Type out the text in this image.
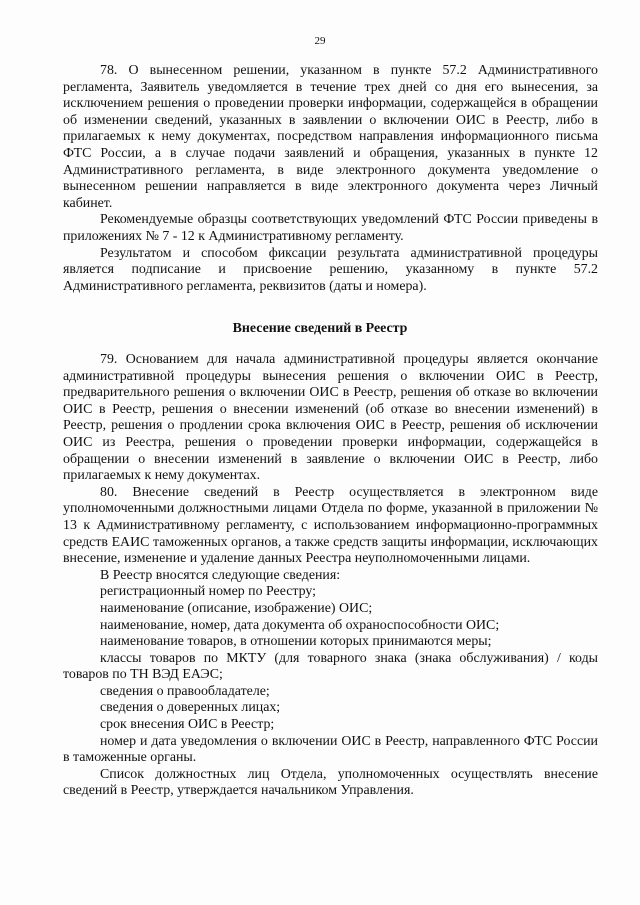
29

78. О вынесенном решении, указанном в пункте 57.2 Административного регламента, Заявитель уведомляется в течение трех дней со дня его вынесения, за исключением решения о проведении проверки информации, содержащейся в обращении об изменении сведений, указанных в заявлении о включении ОИС в Реестр, либо в прилагаемых к нему документах, посредством направления информационного письма ФТС России, а в случае подачи заявлений и обращения, указанных в пункте 12 Административного регламента, в виде электронного документа уведомление о вынесенном решении направляется в виде электронного документа через Личный кабинет.

Рекомендуемые образцы соответствующих уведомлений ФТС России приведены в приложениях № 7 - 12 к Административному регламенту.

Результатом и способом фиксации результата административной процедуры является подписание и присвоение решению, указанному в пункте 57.2 Административного регламента, реквизитов (даты и номера).

Внесение сведений в Реестр

79. Основанием для начала административной процедуры является окончание административной процедуры вынесения решения о включении ОИС в Реестр, предварительного решения о включении ОИС в Реестр, решения об отказе во включении ОИС в Реестр, решения о внесении изменений (об отказе во внесении изменений) в Реестр, решения о продлении срока включения ОИС в Реестр, решения об исключении ОИС из Реестра, решения о проведении проверки информации, содержащейся в обращении о внесении изменений в заявление о включении ОИС в Реестр, либо прилагаемых к нему документах.

80. Внесение сведений в Реестр осуществляется в электронном виде уполномоченными должностными лицами Отдела по форме, указанной в приложении № 13 к Административному регламенту, с использованием информационно-программных средств ЕАИС таможенных органов, а также средств защиты информации, исключающих внесение, изменение и удаление данных Реестра неуполномоченными лицами.

В Реестр вносятся следующие сведения:

регистрационный номер по Реестру;

наименование (описание, изображение) ОИС;

наименование, номер, дата документа об охраноспособности ОИС;

наименование товаров, в отношении которых принимаются меры;

классы товаров по МКТУ (для товарного знака (знака обслуживания) / коды товаров по ТН ВЭД ЕАЭС;

сведения о правообладателе;

сведения о доверенных лицах;

срок внесения ОИС в Реестр;

номер и дата уведомления о включении ОИС в Реестр, направленного ФТС России в таможенные органы.

Список должностных лиц Отдела, уполномоченных осуществлять внесение сведений в Реестр, утверждается начальником Управления.
